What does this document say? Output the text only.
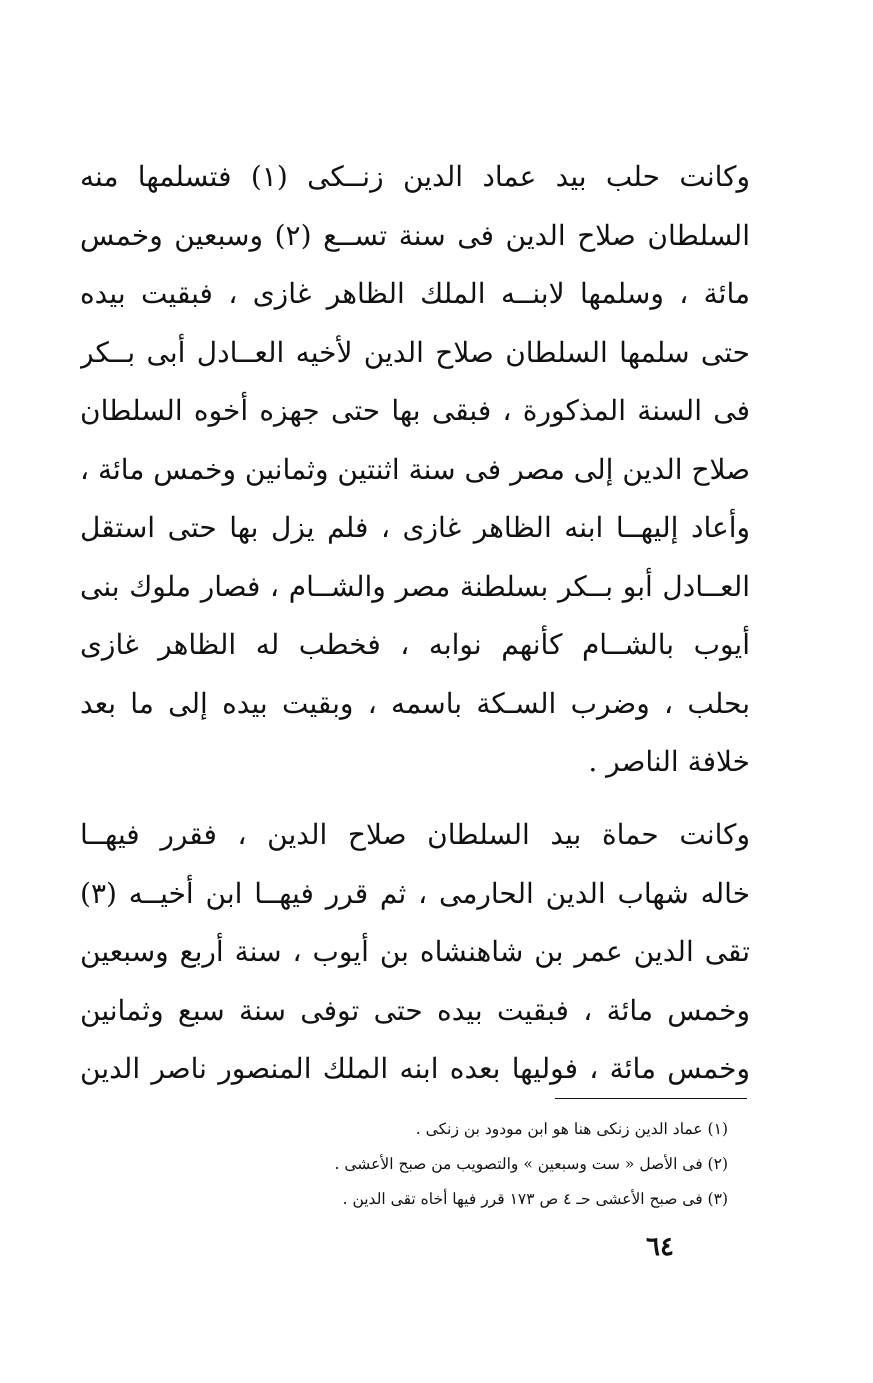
وكانت حلب بيد عماد الدين زنــكى (١) فتسلمها منه
السلطان صلاح الدين فى سنة تســع (٢) وسبعين وخمس
مائة ، وسلمها لابنــه الملك الظاهر غازى ، فبقيت بيده
حتى سلمها السلطان صلاح الدين لأخيه العــادل أبى بــكر
فى السنة المذكورة ، فبقى بها حتى جهزه أخوه السلطان
صلاح الدين إلى مصر فى سنة اثنتين وثمانين وخمس مائة ،
وأعاد إليهــا ابنه الظاهر غازى ، فلم يزل بها حتى استقل
العــادل أبو بــكر بسلطنة مصر والشــام ، فصار ملوك بنى
أيوب بالشــام كأنهم نوابه ، فخطب له الظاهر غازى
بحلب ، وضرب السـكة باسمه ، وبقيت بيده إلى ما بعد
خلافة الناصر .
وكانت حماة بيد السلطان صلاح الدين ، فقرر فيهــا
خاله شهاب الدين الحارمى ، ثم قرر فيهــا ابن أخيــه (٣)
تقى الدين عمر بن شاهنشاه بن أيوب ، سنة أربع وسبعين
وخمس مائة ، فبقيت بيده حتى توفى سنة سبع وثمانين
وخمس مائة ، فوليها بعده ابنه الملك المنصور ناصر الدين
(١) عماد الدين زنكى هنا هو ابن مودود بن زنكى .
(٢) فى الأصل « ست وسبعين » والتصويب من صبح الأعشى .
(٣) فى صبح الأعشى حـ ٤ ص ١٧٣ قرر فيها أخاه تقى الدين .
٦٤
